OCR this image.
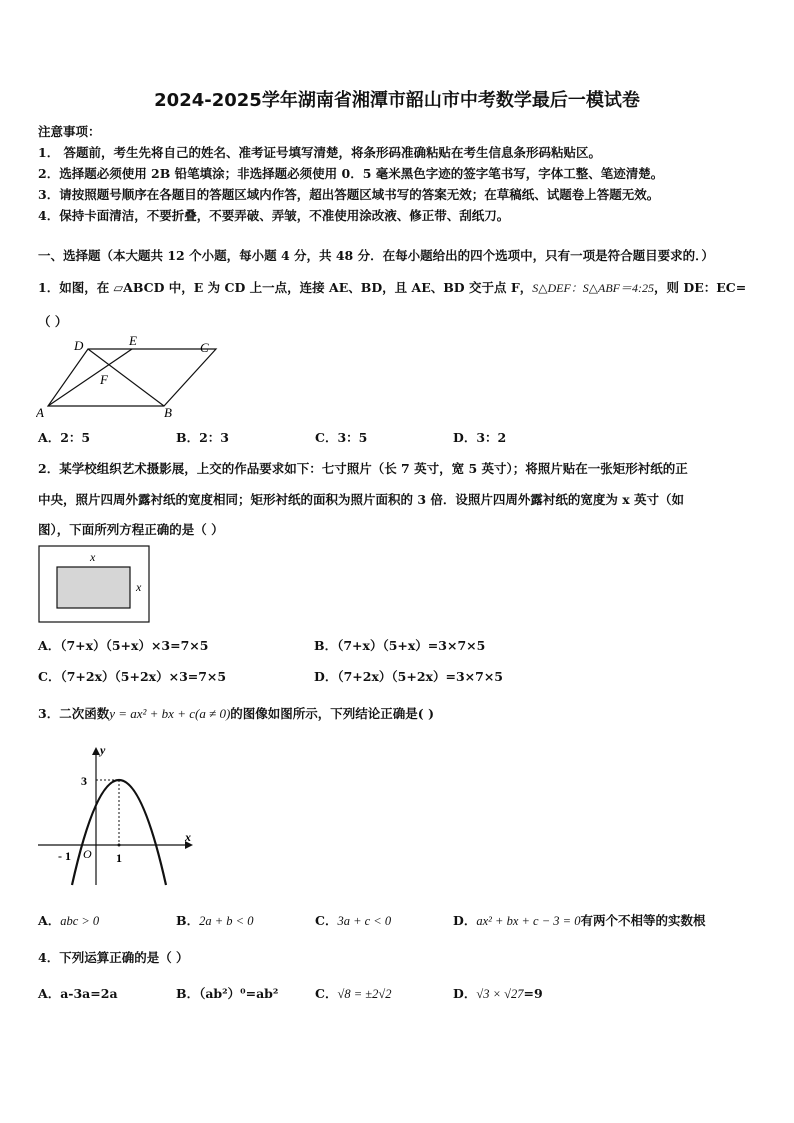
2024-2025学年湖南省湘潭市韶山市中考数学最后一模试卷
注意事项：
1． 答题前，考生先将自己的姓名、准考证号填写清楚，将条形码准确粘贴在考生信息条形码粘贴区。
2．选择题必须使用 2B 铅笔填涂；非选择题必须使用 0．5 毫米黑色字迹的签字笔书写，字体工整、笔迹清楚。
3．请按照题号顺序在各题目的答题区域内作答，超出答题区域书写的答案无效；在草稿纸、试题卷上答题无效。
4．保持卡面清洁，不要折叠，不要弄破、弄皱，不准使用涂改液、修正带、刮纸刀。
一、选择题（本大题共 12 个小题，每小题 4 分，共 48 分．在每小题给出的四个选项中，只有一项是符合题目要求的．）
1．如图，在 ▱ABCD 中，E 为 CD 上一点，连接 AE、BD，且 AE、BD 交于点 F，S△DEF：S△ABF＝4:25，则 DE：EC=
（ ）
D	E	C
F
A	B
A．2：5	B．2：3	C．3：5	D．3：2
2．某学校组织艺术摄影展，上交的作品要求如下：七寸照片（长 7 英寸，宽 5 英寸）；将照片贴在一张矩形衬纸的正
中央，照片四周外露衬纸的宽度相同；矩形衬纸的面积为照片面积的 3 倍．设照片四周外露衬纸的宽度为 x 英寸（如
图），下面所列方程正确的是（ ）
x
x
A．（7+x）（5+x）×3=7×5	B．（7+x）（5+x）=3×7×5
C．（7+2x）（5+2x）×3=7×5	D．（7+2x）（5+2x）=3×7×5
3．二次函数y = ax² + bx + c(a ≠ 0)的图像如图所示，下列结论正确是( )
y
x
3
O
- 1	1
A．abc > 0	B．2a + b < 0	C．3a + c < 0	D．ax² + bx + c − 3 = 0有两个不相等的实数根
4．下列运算正确的是（ ）
A．a-3a=2a	B．（ab²）⁰=ab²	C．√8 = ±2√2	D．√3 × √27=9
